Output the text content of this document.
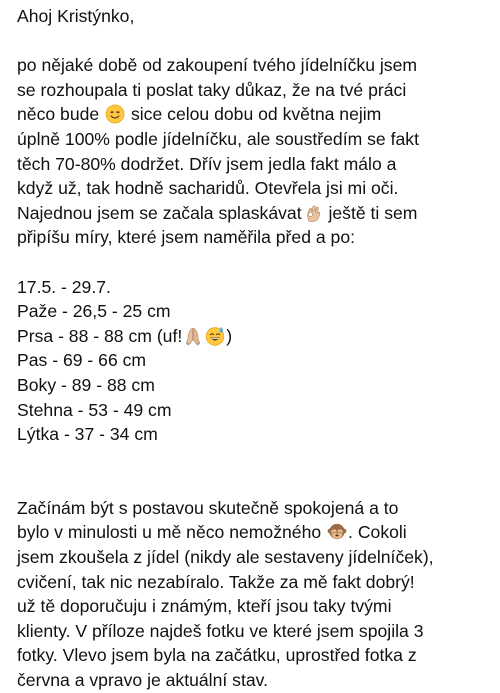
Ahoj Kristýnko,
po nějaké době od zakoupení tvého jídelníčku jsem
se rozhoupala ti poslat taky důkaz, že na tvé práci
něco bude
sice celou dobu od května nejim
úplně 100% podle jídelníčku, ale soustředím se fakt
těch 70-80% dodržet. Dřív jsem jedla fakt málo a
když už, tak hodně sacharidů. Otevřela jsi mi oči.
Najednou jsem se začala splaskávat
ještě ti sem
připíšu míry, které jsem naměřila před a po:
17.5. - 29.7.
Paže - 26,5 - 25 cm
Prsa - 88 - 88 cm (uf!	)
Pas - 69 - 66 cm
Boky - 89 - 88 cm
Stehna - 53 - 49 cm
Lýtka - 37 - 34 cm
Začínám být s postavou skutečně spokojená a to
bylo v minulosti u mě něco nemožného
. Cokoli
jsem zkoušela z jídel (nikdy ale sestaveny jídelníček),
cvičení, tak nic nezabíralo. Takže za mě fakt dobrý!
už tě doporučuju i známým, kteří jsou taky tvými
klienty. V příloze najdeš fotku ve které jsem spojila 3
fotky. Vlevo jsem byla na začátku, uprostřed fotka z
června a vpravo je aktuální stav.
